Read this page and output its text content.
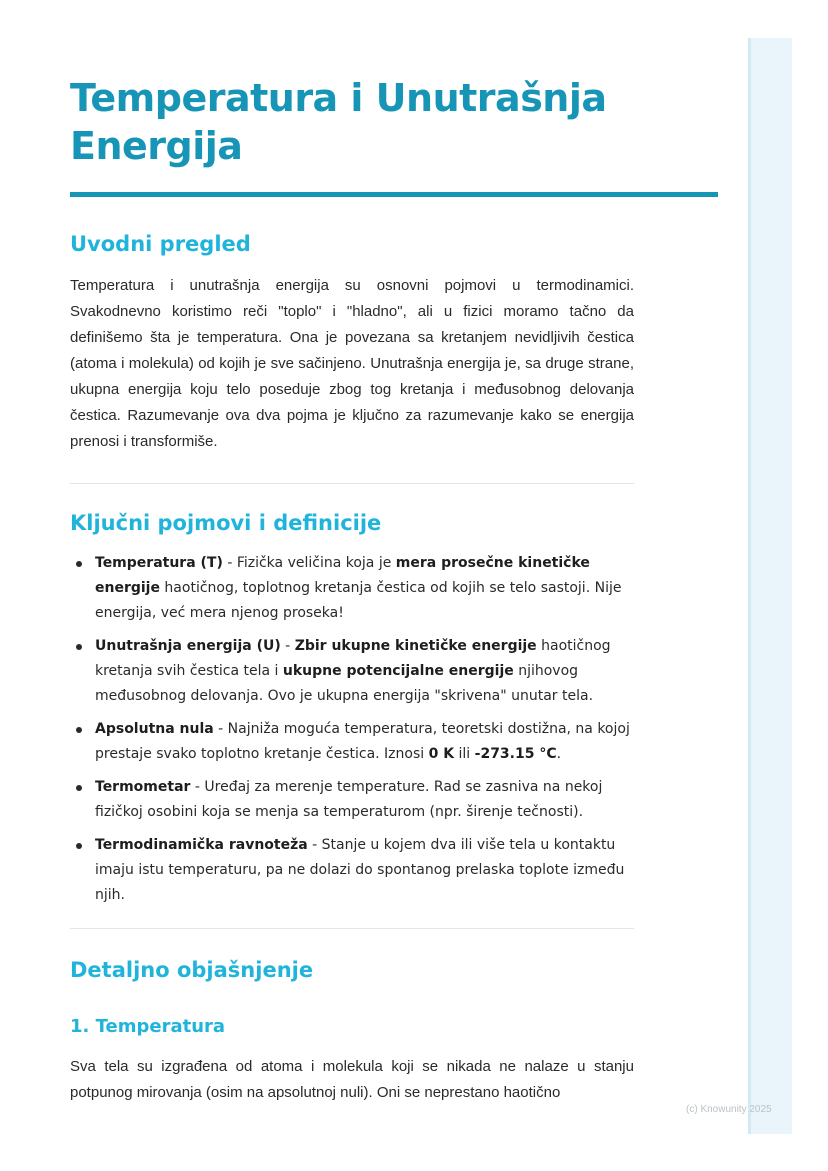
(c) Knowunity 2025
Temperatura i Unutrašnja Energija
Uvodni pregled

Temperatura i unutrašnja energija su osnovni pojmovi u termodinamici. Svakodnevno koristimo reči "toplo" i "hladno", ali u fizici moramo tačno da definišemo šta je temperatura. Ona je povezana sa kretanjem nevidljivih čestica (atoma i molekula) od kojih je sve sačinjeno. Unutrašnja energija je, sa druge strane, ukupna energija koju telo poseduje zbog tog kretanja i međusobnog delovanja čestica. Razumevanje ova dva pojma je ključno za razumevanje kako se energija prenosi i transformiše.

Ključni pojmovi i definicije
Temperatura (T) - Fizička veličina koja je mera prosečne kinetičke energije haotičnog, toplotnog kretanja čestica od kojih se telo sastoji. Nije energija, već mera njenog proseka!
Unutrašnja energija (U) - Zbir ukupne kinetičke energije haotičnog kretanja svih čestica tela i ukupne potencijalne energije njihovog međusobnog delovanja. Ovo je ukupna energija "skrivena" unutar tela.
Apsolutna nula - Najniža moguća temperatura, teoretski dostižna, na kojoj prestaje svako toplotno kretanje čestica. Iznosi 0 K ili -273.15 °C.
Termometar - Uređaj za merenje temperature. Rad se zasniva na nekoj fizičkoj osobini koja se menja sa temperaturom (npr. širenje tečnosti).
Termodinamička ravnoteža - Stanje u kojem dva ili više tela u kontaktu imaju istu temperaturu, pa ne dolazi do spontanog prelaska toplote između njih.
Detaljno objašnjenje
1. Temperatura

Sva tela su izgrađena od atoma i molekula koji se nikada ne nalaze u stanju potpunog mirovanja (osim na apsolutnoj nuli). Oni se neprestano haotično
